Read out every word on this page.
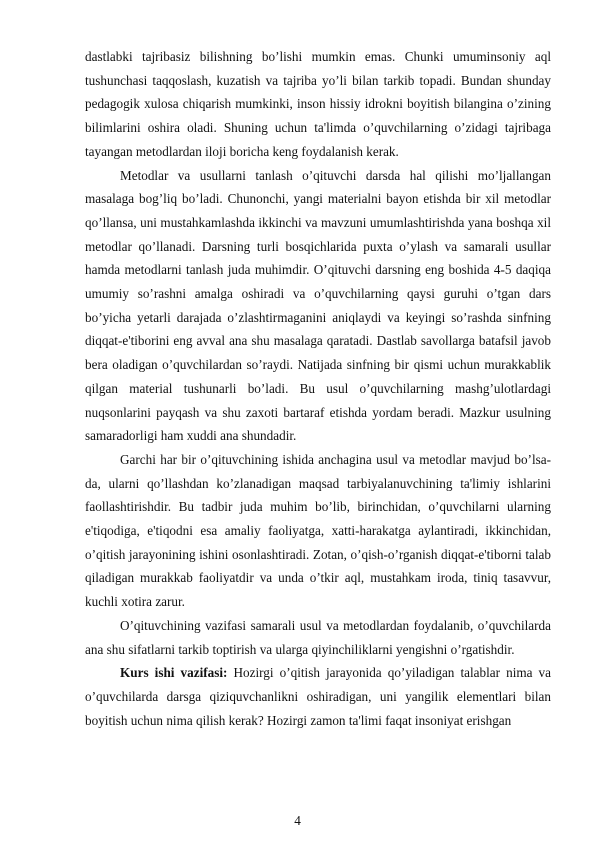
dastlabki tajribasiz bilishning bo’lishi mumkin emas. Chunki umuminsoniy aql tushunchasi taqqoslash, kuzatish va tajriba yo’li bilan tarkib topadi. Bundan shunday pedagogik xulosa chiqarish mumkinki, inson hissiy idrokni boyitish bilangina o’zining bilimlarini oshira oladi. Shuning uchun ta'limda o’quvchilarning o’zidagi tajribaga tayangan metodlardan iloji boricha keng foydalanish kerak.

Metodlar va usullarni tanlash o’qituvchi darsda hal qilishi mo’ljallangan masalaga bog’liq bo’ladi. Chunonchi, yangi materialni bayon etishda bir xil metodlar qo’llansa, uni mustahkamlashda ikkinchi va mavzuni umumlashtirishda yana boshqa xil metodlar qo’llanadi. Darsning turli bosqichlarida puxta o’ylash va samarali usullar hamda metodlarni tanlash juda muhimdir. O’qituvchi darsning eng boshida 4-5 daqiqa umumiy so’rashni amalga oshiradi va o’quvchilarning qaysi guruhi o’tgan dars bo’yicha yetarli darajada o’zlashtirmaganini aniqlaydi va keyingi so’rashda sinfning diqqat-e'tiborini eng avval ana shu masalaga qaratadi. Dastlab savollarga batafsil javob bera oladigan o’quvchilardan so’raydi. Natijada sinfning bir qismi uchun murakkablik qilgan material tushunarli bo’ladi. Bu usul o’quvchilarning mashg’ulotlardagi nuqsonlarini payqash va shu zaxoti bartaraf etishda yordam beradi. Mazkur usulning samaradorligi ham xuddi ana shundadir.

Garchi har bir o’qituvchining ishida anchagina usul va metodlar mavjud bo’lsa-da, ularni qo’llashdan ko’zlanadigan maqsad tarbiyalanuvchining ta'limiy ishlarini faollashtirishdir. Bu tadbir juda muhim bo’lib, birinchidan, o’quvchilarni ularning e'tiqodiga, e'tiqodni esa amaliy faoliyatga, xatti-harakatga aylantiradi, ikkinchidan, o’qitish jarayonining ishini osonlashtiradi. Zotan, o’qish-o’rganish diqqat-e'tiborni talab qiladigan murakkab faoliyatdir va unda o’tkir aql, mustahkam iroda, tiniq tasavvur, kuchli xotira zarur.

O’qituvchining vazifasi samarali usul va metodlardan foydalanib, o’quvchilarda ana shu sifatlarni tarkib toptirish va ularga qiyinchiliklarni yengishni o’rgatishdir.

Kurs ishi vazifasi: Hozirgi o’qitish jarayonida qo’yiladigan talablar nima va o’quvchilarda darsga qiziquvchanlikni oshiradigan, uni yangilik elementlari bilan boyitish uchun nima qilish kerak? Hozirgi zamon ta'limi faqat insoniyat erishgan

4
